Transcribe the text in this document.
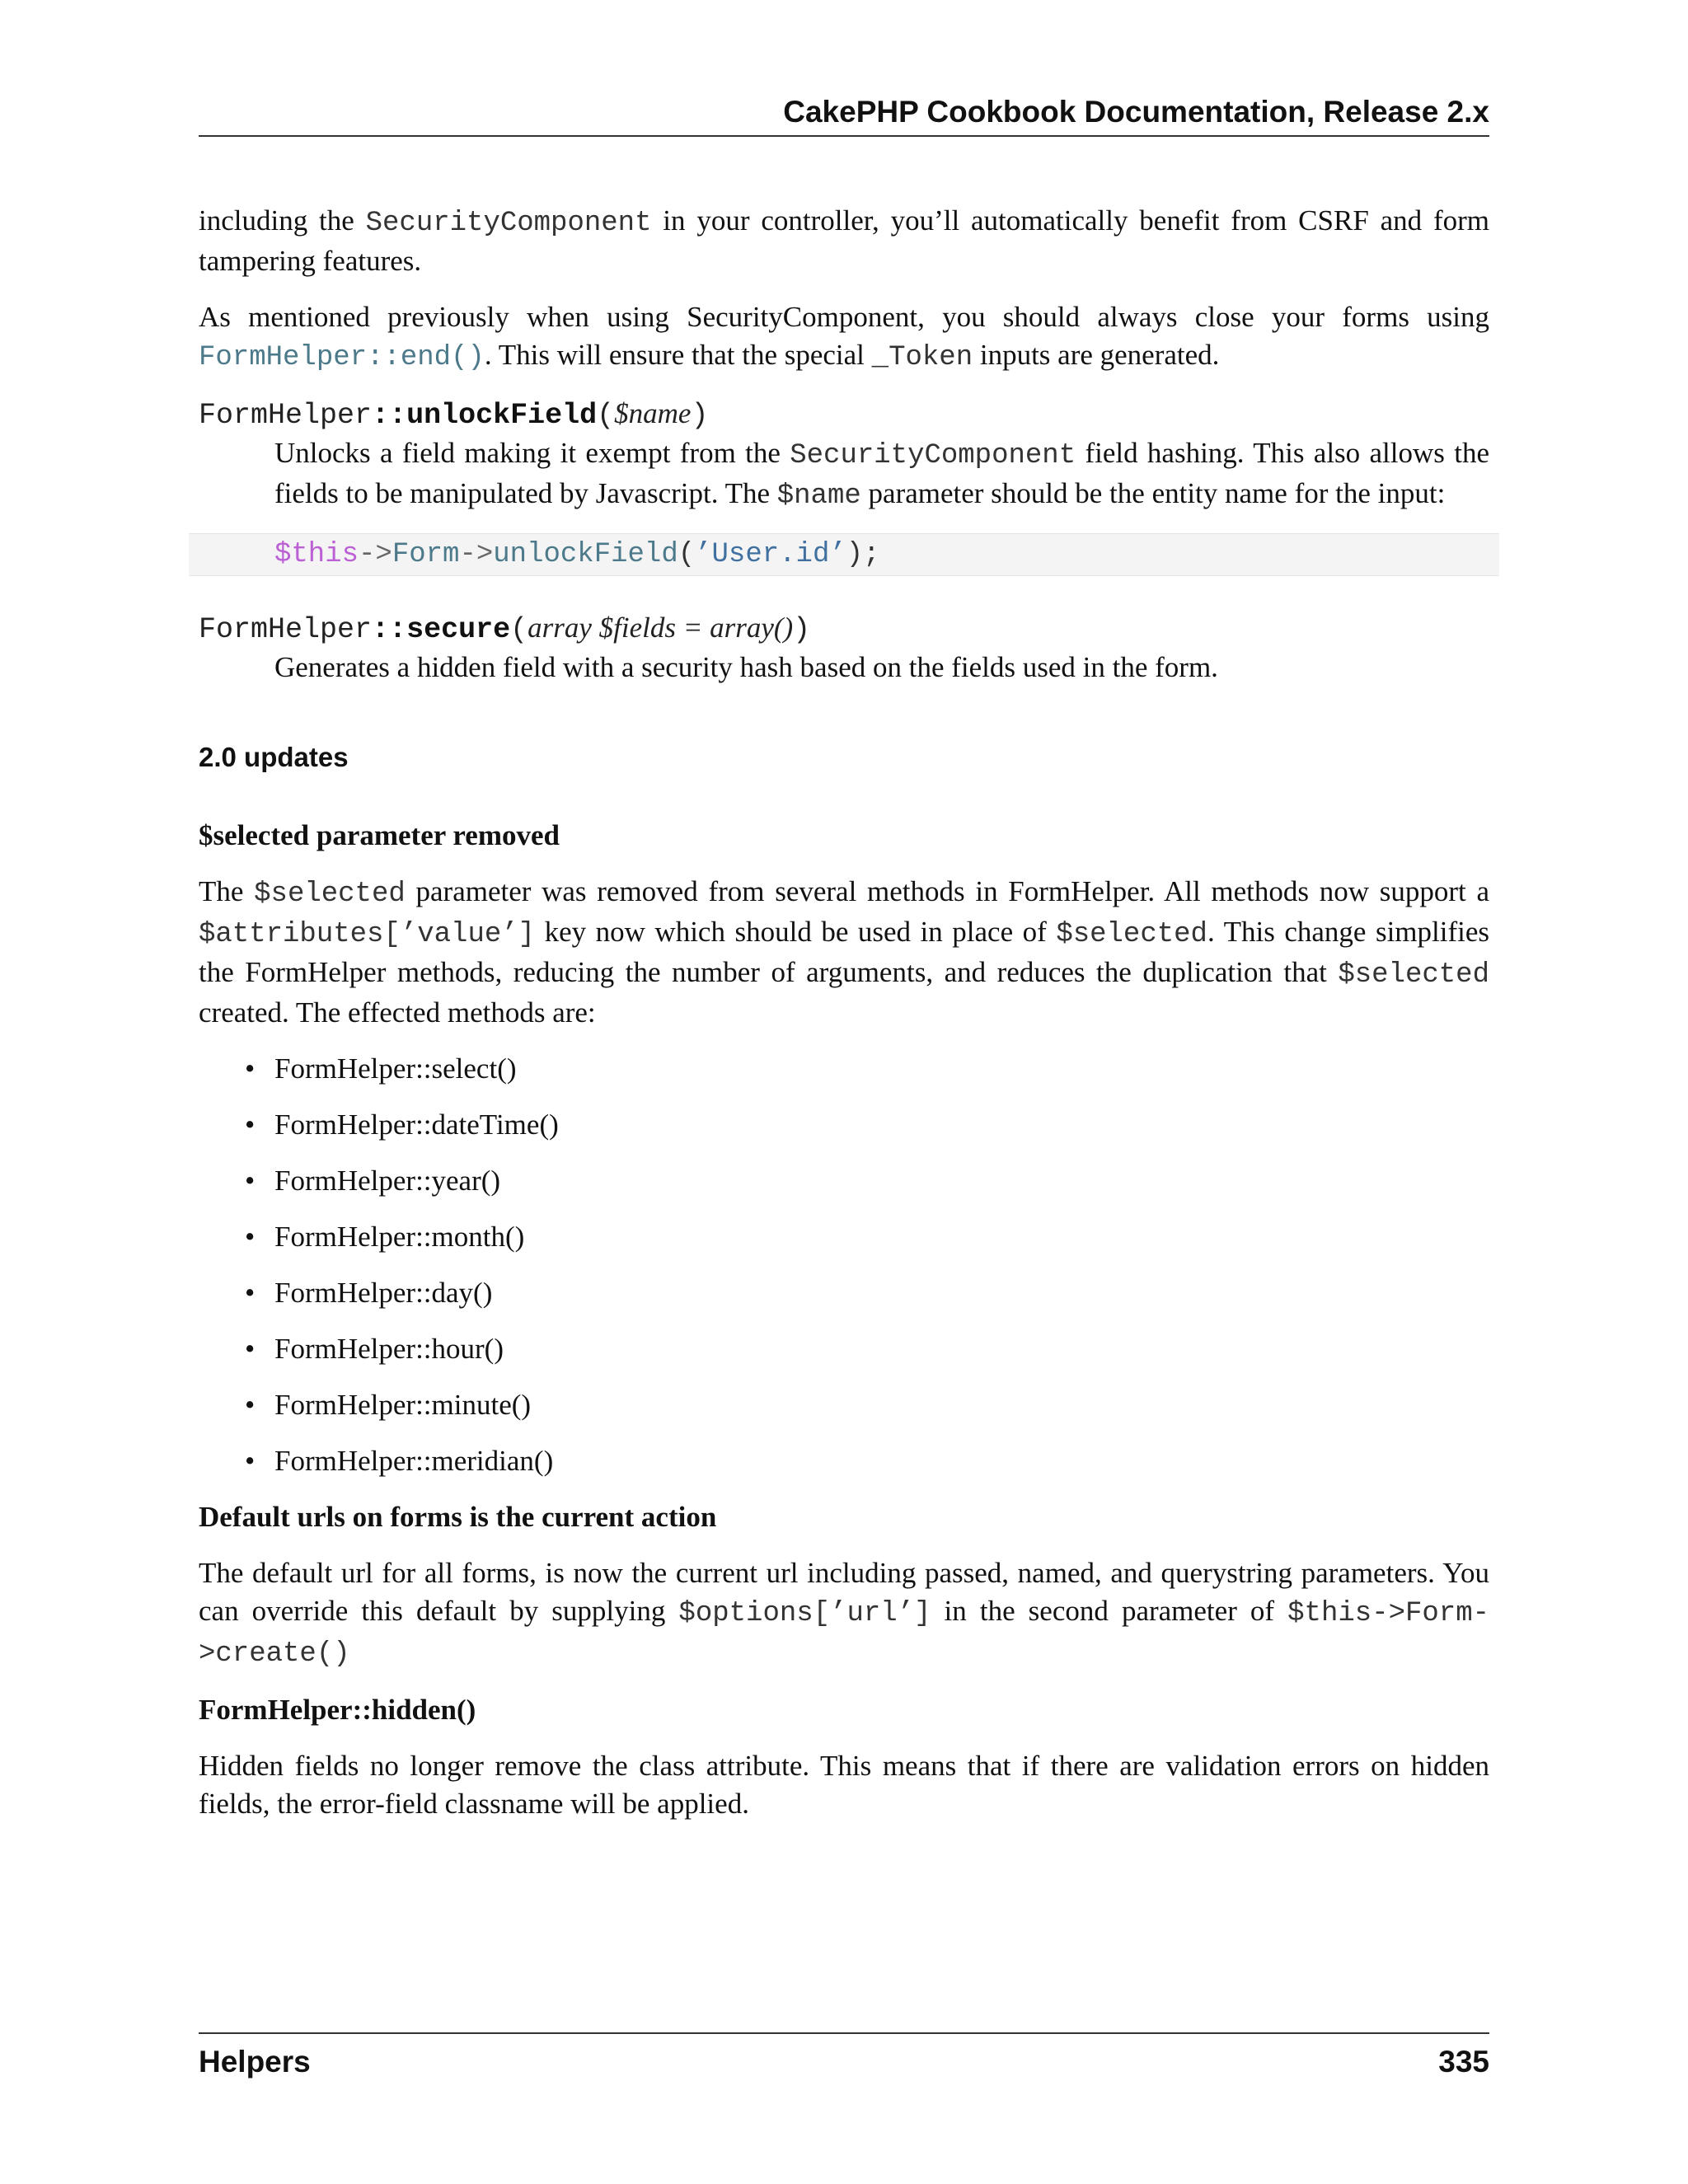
CakePHP Cookbook Documentation, Release 2.x

including the SecurityComponent in your controller, you’ll automatically benefit from CSRF and form tampering features.

As mentioned previously when using SecurityComponent, you should always close your forms using FormHelper::end(). This will ensure that the special _Token inputs are generated.

FormHelper::unlockField($name)

Unlocks a field making it exempt from the SecurityComponent field hashing. This also allows the fields to be manipulated by Javascript. The $name parameter should be the entity name for the input:

$this->Form->unlockField(’User.id’);
FormHelper::secure(array $fields = array())

Generates a hidden field with a security hash based on the fields used in the form.

2.0 updates
$selected parameter removed

The $selected parameter was removed from several methods in FormHelper. All methods now support a $attributes[’value’] key now which should be used in place of $selected. This change simplifies the FormHelper methods, reducing the number of arguments, and reduces the duplication that $selected created. The effected methods are:

• FormHelper::select()
• FormHelper::dateTime()
• FormHelper::year()
• FormHelper::month()
• FormHelper::day()
• FormHelper::hour()
• FormHelper::minute()
• FormHelper::meridian()
Default urls on forms is the current action

The default url for all forms, is now the current url including passed, named, and querystring parameters. You can override this default by supplying $options[’url’] in the second parameter of $this->Form->create()

FormHelper::hidden()

Hidden fields no longer remove the class attribute. This means that if there are validation errors on hidden fields, the error-field classname will be applied.

Helpers	335
